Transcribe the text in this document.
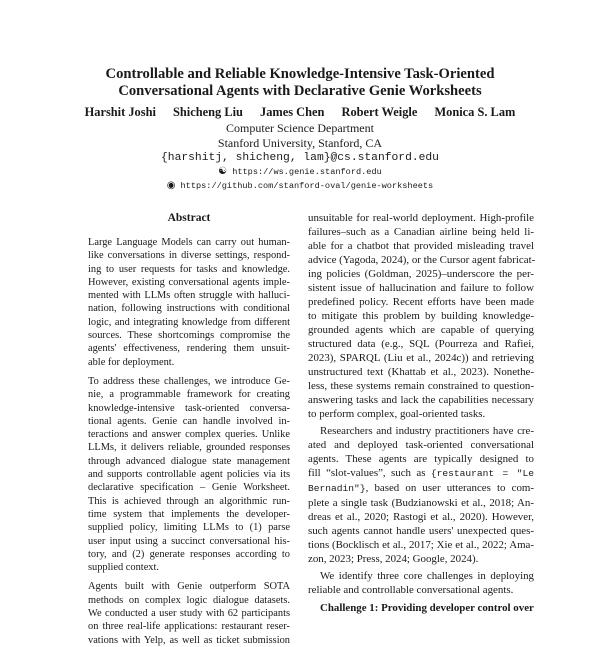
Controllable and Reliable Knowledge-Intensive Task-Oriented
Conversational Agents with Declarative Genie Worksheets
Harshit Joshi Shicheng Liu James Chen Robert Weigle Monica S. Lam
Computer Science Department
Stanford University, Stanford, CA
{harshitj, shicheng, lam}@cs.stanford.edu
☯ https://ws.genie.stanford.edu
◉ https://github.com/stanford-oval/genie-worksheets
Abstract
Large Language Models can carry out human-
like conversations in diverse settings, respond-
ing to user requests for tasks and knowledge.
However, existing conversational agents imple-
mented with LLMs often struggle with halluci-
nation, following instructions with conditional
logic, and integrating knowledge from different
sources. These shortcomings compromise the
agents' effectiveness, rendering them unsuit-
able for deployment.
To address these challenges, we introduce Ge-
nie, a programmable framework for creating
knowledge-intensive task-oriented conversa-
tional agents. Genie can handle involved in-
teractions and answer complex queries. Unlike
LLMs, it delivers reliable, grounded responses
through advanced dialogue state management
and supports controllable agent policies via its
declarative specification – Genie Worksheet.
This is achieved through an algorithmic run-
time system that implements the developer-
supplied policy, limiting LLMs to (1) parse
user input using a succinct conversational his-
tory, and (2) generate responses according to
supplied context.
Agents built with Genie outperform SOTA
methods on complex logic dialogue datasets.
We conducted a user study with 62 participants
on three real-life applications: restaurant reser-
vations with Yelp, as well as ticket submission
unsuitable for real-world deployment. High-profile
failures–such as a Canadian airline being held li-
able for a chatbot that provided misleading travel
advice (Yagoda, 2024), or the Cursor agent fabricat-
ing policies (Goldman, 2025)–underscore the per-
sistent issue of hallucination and failure to follow
predefined policy. Recent efforts have been made
to mitigate this problem by building knowledge-
grounded agents which are capable of querying
structured data (e.g., SQL (Pourreza and Rafiei,
2023), SPARQL (Liu et al., 2024c)) and retrieving
unstructured text (Khattab et al., 2023). Nonethe-
less, these systems remain constrained to question-
answering tasks and lack the capabilities necessary
to perform complex, goal-oriented tasks.
Researchers and industry practitioners have cre-
ated and deployed task-oriented conversational
agents. These agents are typically designed to
fill “slot-values”, such as {restaurant = "Le
Bernadin"}, based on user utterances to com-
plete a single task (Budzianowski et al., 2018; An-
dreas et al., 2020; Rastogi et al., 2020). However,
such agents cannot handle users' unexpected ques-
tions (Bocklisch et al., 2017; Xie et al., 2022; Ama-
zon, 2023; Press, 2024; Google, 2024).
We identify three core challenges in deploying
reliable and controllable conversational agents.
Challenge 1: Providing developer control over
